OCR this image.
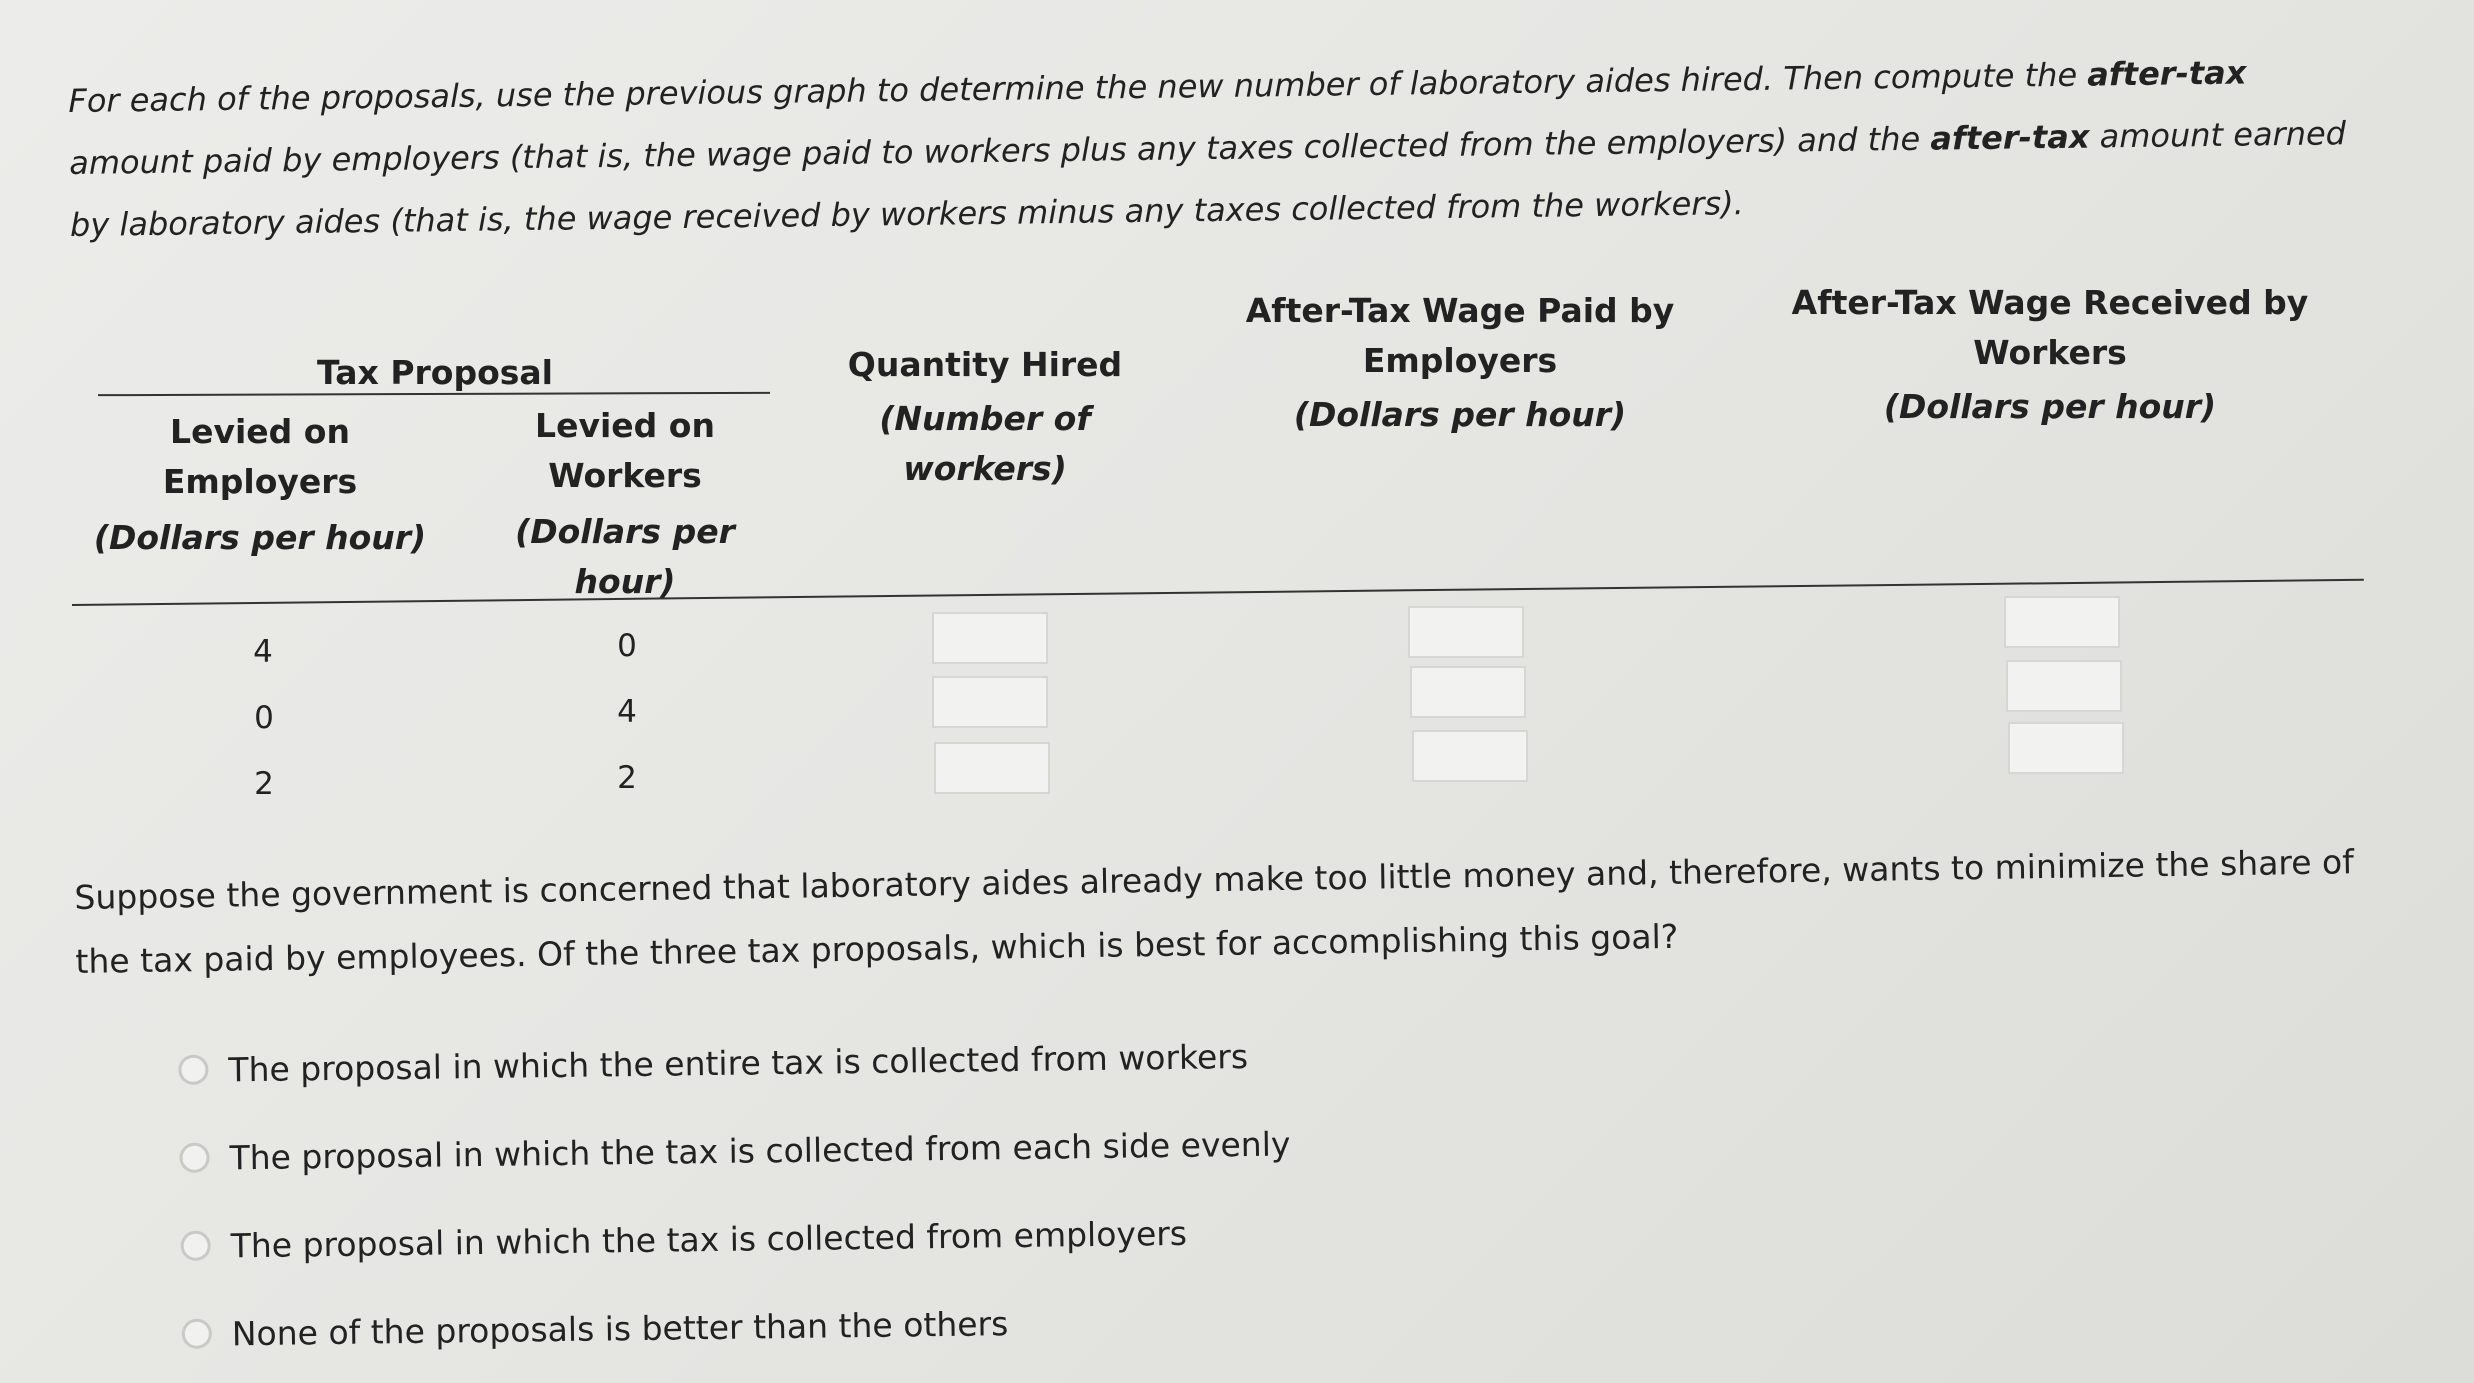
For each of the proposals, use the previous graph to determine the new number of laboratory aides hired. Then compute the after-tax amount paid by employers (that is, the wage paid to workers plus any taxes collected from the employers) and the after-tax amount earned by laboratory aides (that is, the wage received by workers minus any taxes collected from the workers).
Tax Proposal
Levied on
Employers
(Dollars per hour)
Levied on
Workers
(Dollars per
hour)
Quantity Hired
(Number of
workers)
After-Tax Wage Paid by
Employers
(Dollars per hour)
After-Tax Wage Received by
Workers
(Dollars per hour)
4	0
0	4
2	2
Suppose the government is concerned that laboratory aides already make too little money and, therefore, wants to minimize the share of the tax paid by employees. Of the three tax proposals, which is best for accomplishing this goal?
The proposal in which the entire tax is collected from workers
The proposal in which the tax is collected from each side evenly
The proposal in which the tax is collected from employers
None of the proposals is better than the others
